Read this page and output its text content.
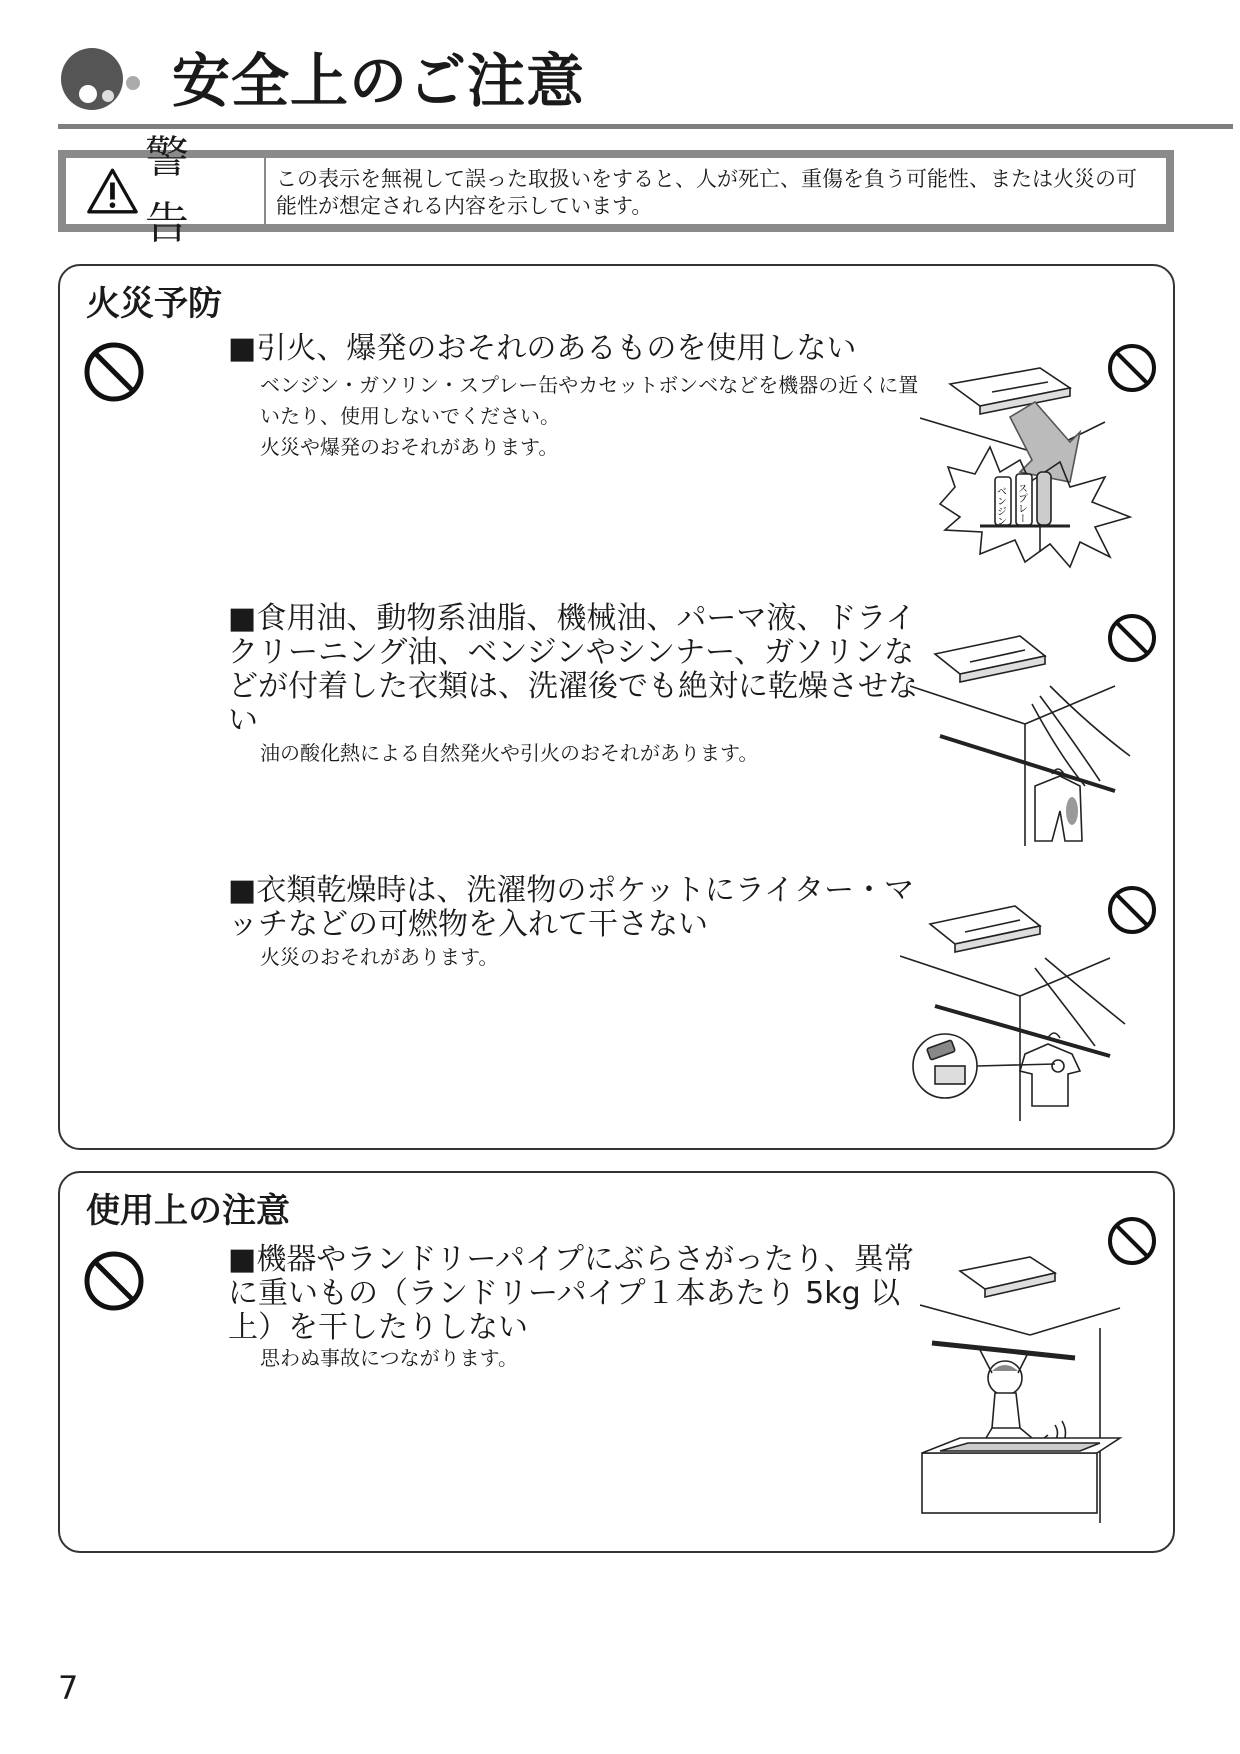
安全上のご注意
警 告
この表示を無視して誤った取扱いをすると、人が死亡、重傷を負う可能性、または火災の可能性が想定される内容を示しています。
火災予防
■引火、爆発のおそれのあるものを使用しない
ベンジン・ガソリン・スプレー缶やカセットボンベなどを機器の近くに置いたり、使用しないでください。
火災や爆発のおそれがあります。
ベンジン スプレー
■食用油、動物系油脂、機械油、パーマ液、ドライクリーニング油、ベンジンやシンナー、ガソリンなどが付着した衣類は、洗濯後でも絶対に乾燥させない
油の酸化熱による自然発火や引火のおそれがあります。
■衣類乾燥時は、洗濯物のポケットにライター・マッチなどの可燃物を入れて干さない
火災のおそれがあります。
使用上の注意
■機器やランドリーパイプにぶらさがったり、異常に重いもの（ランドリーパイプ１本あたり 5kg 以上）を干したりしない
思わぬ事故につながります。
7
